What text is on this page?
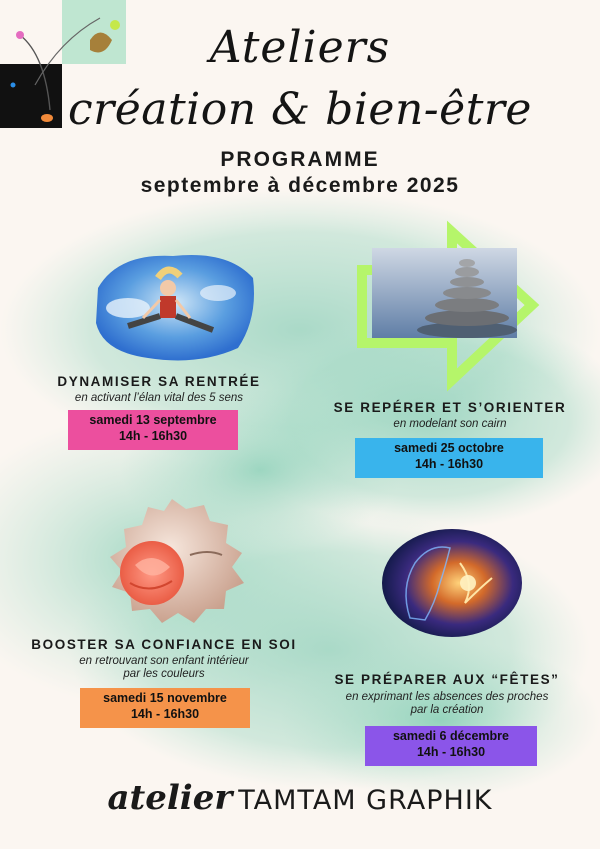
Ateliers
création & bien-être
PROGRAMME
septembre à décembre 2025
DYNAMISER SA RENTRÉE
en activant l’élan vital des 5 sens
samedi 13 septembre
14h - 16h30
SE REPÉRER ET S’ORIENTER
en modelant son cairn
samedi 25 octobre
14h - 16h30
BOOSTER SA CONFIANCE EN SOI
en retrouvant son enfant intérieur
par les couleurs
samedi 15 novembre
14h - 16h30
SE PRÉPARER AUX “FÊTES”
en exprimant les absences des proches
par la création
samedi 6 décembre
14h - 16h30
atelier TAMTAM GRAPHIK
